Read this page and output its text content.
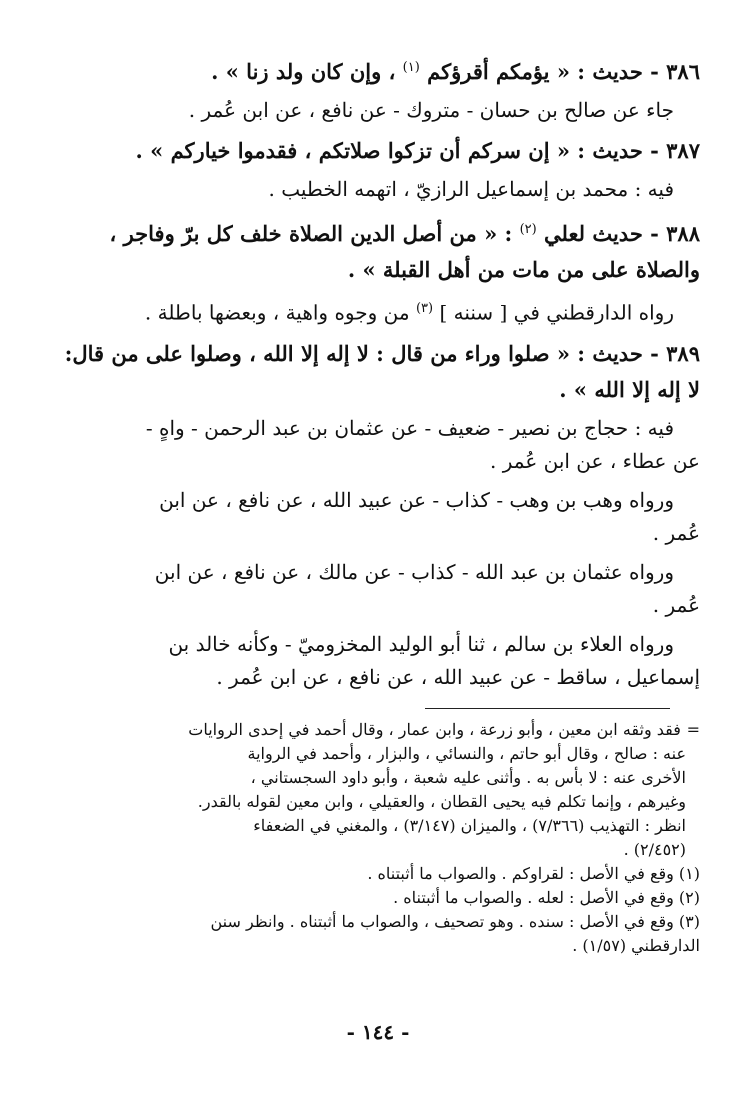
٣٨٦ - حديث : « يؤمكم أقرؤكم $^{(١)}$ ، وإن كان ولد زنا » .
جاء عن صالح بن حسان - متروك - عن نافع ، عن ابن عُمر .
٣٨٧ - حديث : « إن سركم أن تزكوا صلاتكم ، فقدموا خياركم » .
فيه : محمد بن إسماعيل الرازيّ ، اتهمه الخطيب .
٣٨٨ - حديث لعلي $^{(٢)}$ : « من أصل الدين الصلاة خلف كل برّ وفاجر ،
والصلاة على من مات من أهل القبلة » .
رواه الدارقطني في [ سننه ] $^{(٣)}$ من وجوه واهية ، وبعضها باطلة .
٣٨٩ - حديث : « صلوا وراء من قال : لا إله إلا الله ، وصلوا على من قال:
لا إله إلا الله » .
فيه : حجاج بن نصير - ضعيف - عن عثمان بن عبد الرحمن - واهٍ -
عن عطاء ، عن ابن عُمر .
ورواه وهب بن وهب - كذاب - عن عبيد الله ، عن نافع ، عن ابن
عُمر .
ورواه عثمان بن عبد الله - كذاب - عن مالك ، عن نافع ، عن ابن
عُمر .
ورواه العلاء بن سالم ، ثنا أبو الوليد المخزوميّ - وكأنه خالد بن
إسماعيل ، ساقط - عن عبيد الله ، عن نافع ، عن ابن عُمر .

= فقد وثقه ابن معين ، وأبو زرعة ، وابن عمار ، وقال أحمد في إحدى الروايات

عنه : صالح ، وقال أبو حاتم ، والنسائي ، والبزار ، وأحمد في الرواية

الأخرى عنه : لا بأس به . وأثنى عليه شعبة ، وأبو داود السجستاني ،

وغيرهم ، وإنما تكلم فيه يحيى القطان ، والعقيلي ، وابن معين لقوله بالقدر.

انظر : التهذيب (٧/٣٦٦) ، والميزان (٣/١٤٧) ، والمغني في الضعفاء

(٢/٤٥٢) .

(١) وقع في الأصل : لقراوكم . والصواب ما أثبتناه .

(٢) وقع في الأصل : لعله . والصواب ما أثبتناه .

(٣) وقع في الأصل : سنده . وهو تصحيف ، والصواب ما أثبتناه . وانظر سنن
الدارقطني (١/٥٧) .

- ١٤٤ -
